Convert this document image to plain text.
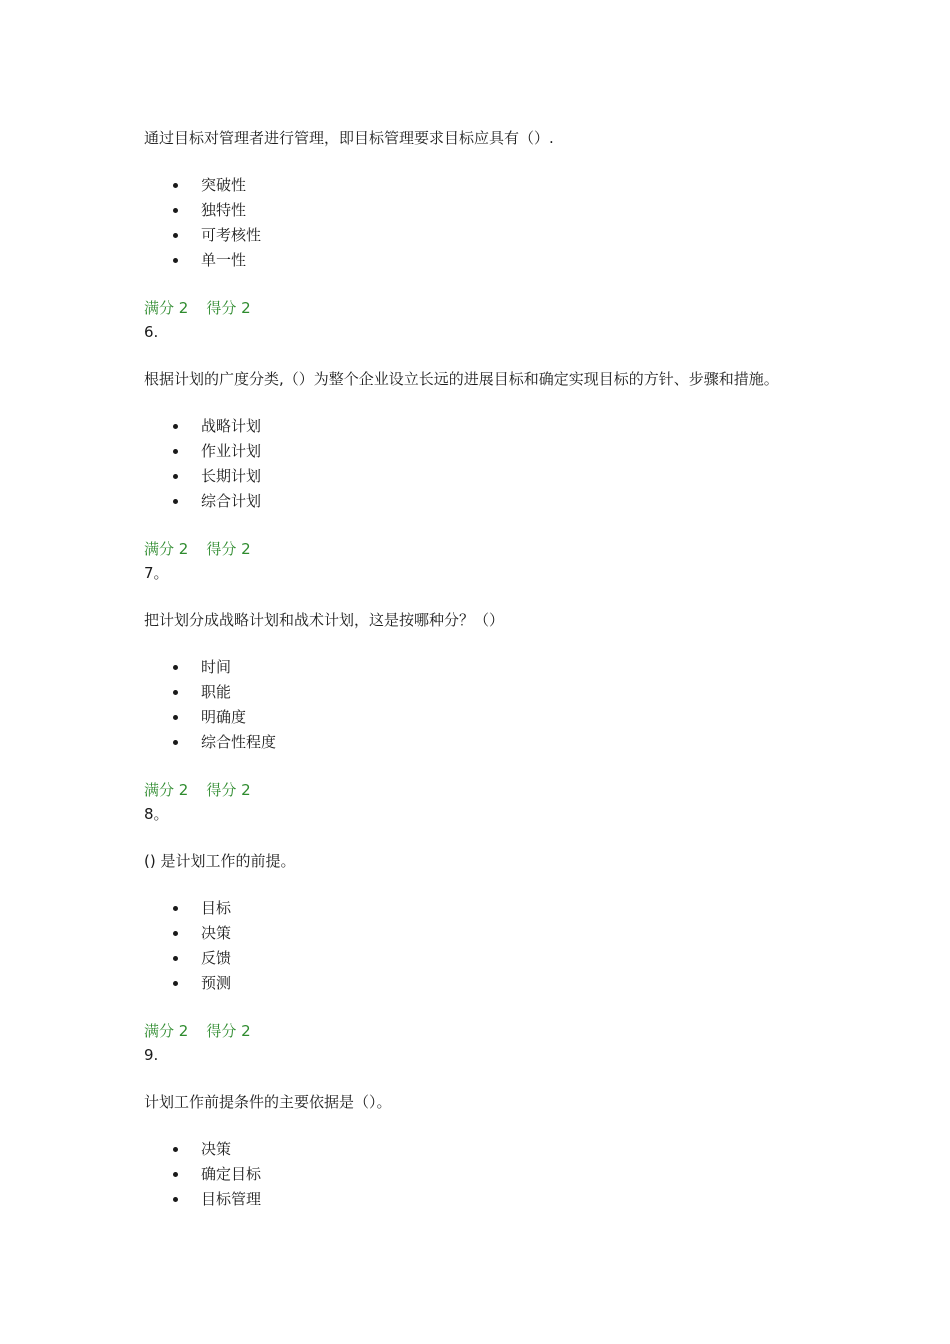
通过目标对管理者进行管理，即目标管理要求目标应具有（）.
突破性
独特性
可考核性
单一性
满分 2 得分 2
6.
根据计划的广度分类,（）为整个企业设立长远的进展目标和确定实现目标的方针、步骤和措施。
战略计划
作业计划
长期计划
综合计划
满分 2 得分 2
7。
把计划分成战略计划和战术计划，这是按哪种分？（）
时间
职能
明确度
综合性程度
满分 2 得分 2
8。
() 是计划工作的前提。
目标
决策
反馈
预测
满分 2 得分 2
9.
计划工作前提条件的主要依据是（）。
决策
确定目标
目标管理
